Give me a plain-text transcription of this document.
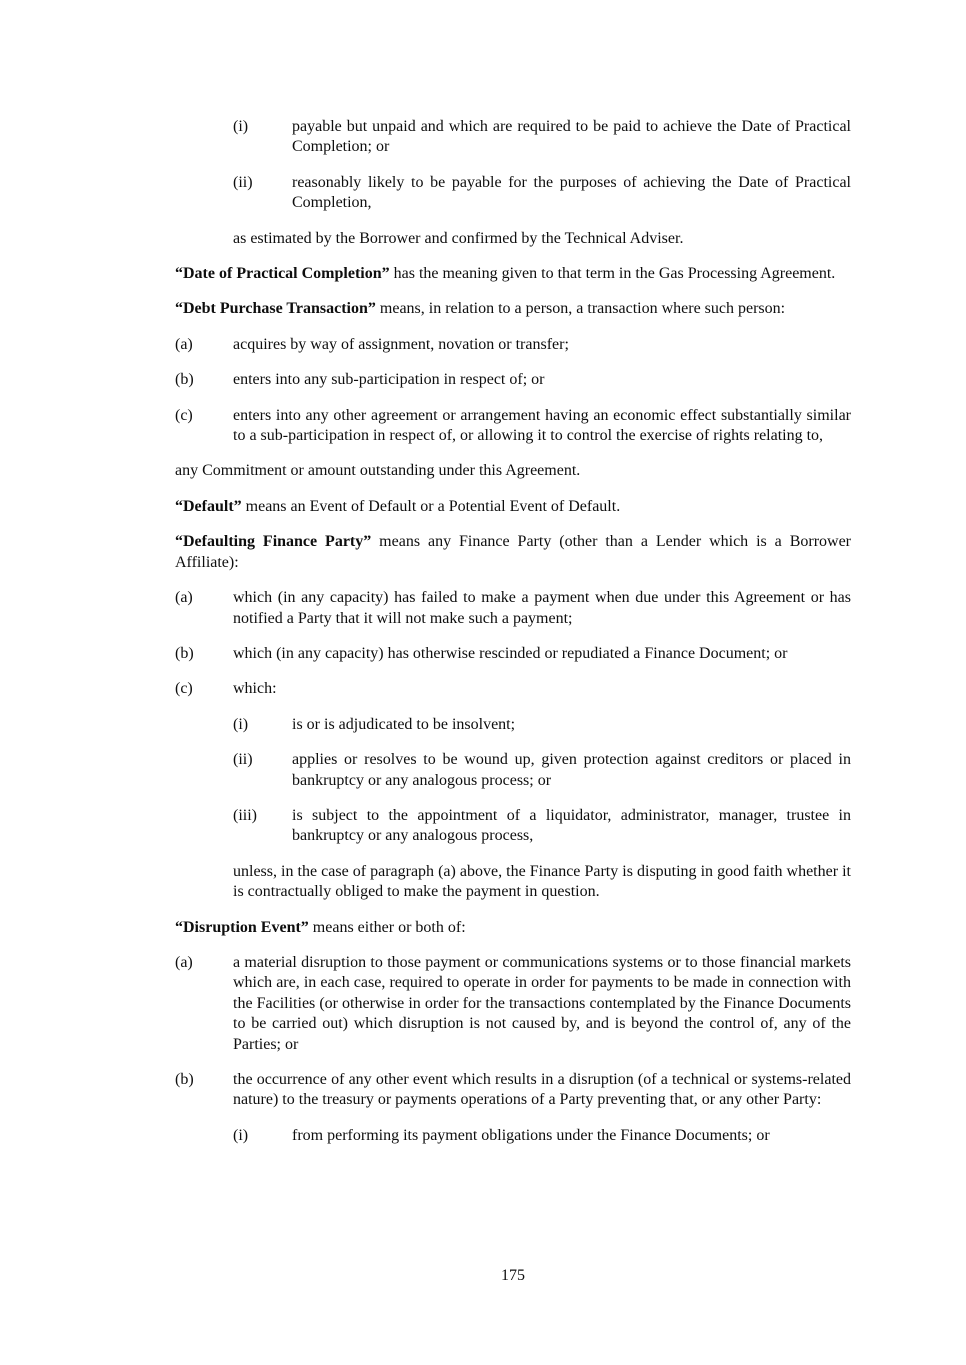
(i)	payable but unpaid and which are required to be paid to achieve the Date of Practical Completion; or
(ii) reasonably likely to be payable for the purposes of achieving the Date of Practical Completion,
as estimated by the Borrower and confirmed by the Technical Adviser.
“Date of Practical Completion” has the meaning given to that term in the Gas Processing Agreement.
“Debt Purchase Transaction” means, in relation to a person, a transaction where such person:
(a)	acquires by way of assignment, novation or transfer;
(b) enters into any sub-participation in respect of; or
(c)	enters into any other agreement or arrangement having an economic effect substantially similar to a sub-participation in respect of, or allowing it to control the exercise of rights relating to,
any Commitment or amount outstanding under this Agreement.
“Default” means an Event of Default or a Potential Event of Default.
“Defaulting Finance Party” means any Finance Party (other than a Lender which is a Borrower Affiliate):
(a)	which (in any capacity) has failed to make a payment when due under this Agreement or has notified a Party that it will not make such a payment;
(b) which (in any capacity) has otherwise rescinded or repudiated a Finance Document; or
(c)	which:
(i)	is or is adjudicated to be insolvent;
(ii) applies or resolves to be wound up, given protection against creditors or placed in bankruptcy or any analogous process; or
(iii) is subject to the appointment of a liquidator, administrator, manager, trustee in bankruptcy or any analogous process,
unless, in the case of paragraph (a) above, the Finance Party is disputing in good faith whether it is contractually obliged to make the payment in question.
“Disruption Event” means either or both of:
(a)	a material disruption to those payment or communications systems or to those financial markets which are, in each case, required to operate in order for payments to be made in connection with the Facilities (or otherwise in order for the transactions contemplated by the Finance Documents to be carried out) which disruption is not caused by, and is beyond the control of, any of the Parties; or
(b) the occurrence of any other event which results in a disruption (of a technical or systems-related nature) to the treasury or payments operations of a Party preventing that, or any other Party:
(i)	from performing its payment obligations under the Finance Documents; or
175
